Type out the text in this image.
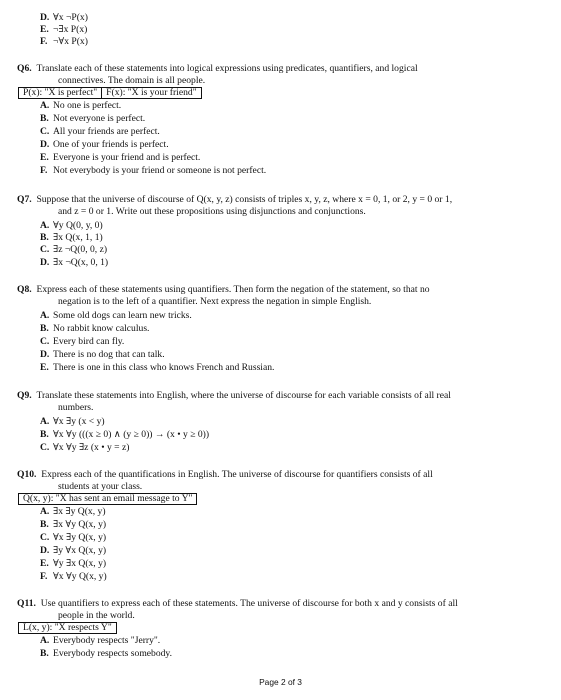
D. ∀x ¬P(x)
E. ¬∃x P(x)
F. ¬∀x P(x)
Q6. Translate each of these statements into logical expressions using predicates, quantifiers, and logical
connectives. The domain is all people.
P(x): "X is perfect" F(x): "X is your friend"
A. No one is perfect.
B. Not everyone is perfect.
C. All your friends are perfect.
D. One of your friends is perfect.
E. Everyone is your friend and is perfect.
F. Not everybody is your friend or someone is not perfect.
Q7. Suppose that the universe of discourse of Q(x, y, z) consists of triples x, y, z, where x = 0, 1, or 2, y = 0 or 1,
and z = 0 or 1. Write out these propositions using disjunctions and conjunctions.
A. ∀y Q(0, y, 0)
B. ∃x Q(x, 1, 1)
C. ∃z ¬Q(0, 0, z)
D. ∃x ¬Q(x, 0, 1)
Q8. Express each of these statements using quantifiers. Then form the negation of the statement, so that no
negation is to the left of a quantifier. Next express the negation in simple English.
A. Some old dogs can learn new tricks.
B. No rabbit know calculus.
C. Every bird can fly.
D. There is no dog that can talk.
E. There is one in this class who knows French and Russian.
Q9. Translate these statements into English, where the universe of discourse for each variable consists of all real
numbers.
A. ∀x ∃y (x < y)
B. ∀x ∀y (((x ≥ 0) ∧ (y ≥ 0)) → (x • y ≥ 0))
C. ∀x ∀y ∃z (x • y = z)
Q10. Express each of the quantifications in English. The universe of discourse for quantifiers consists of all
students at your class.
Q(x, y): "X has sent an email message to Y"
A. ∃x ∃y Q(x, y)
B. ∃x ∀y Q(x, y)
C. ∀x ∃y Q(x, y)
D. ∃y ∀x Q(x, y)
E. ∀y ∃x Q(x, y)
F. ∀x ∀y Q(x, y)
Q11. Use quantifiers to express each of these statements. The universe of discourse for both x and y consists of all
people in the world.
L(x, y): "X respects Y"
A. Everybody respects "Jerry".
B. Everybody respects somebody.
Page 2 of 3
